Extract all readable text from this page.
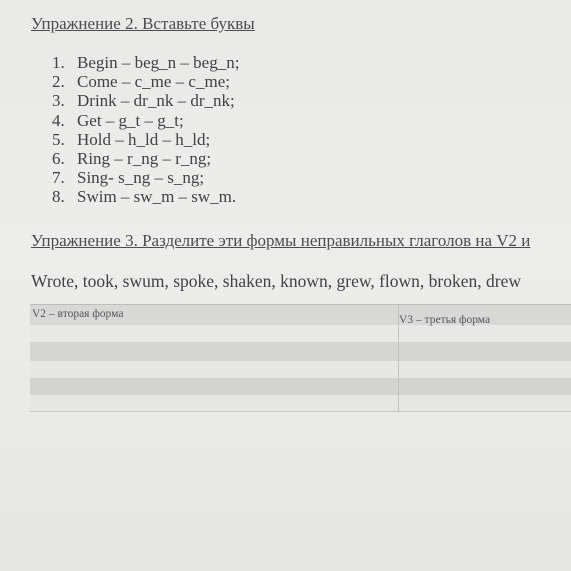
Упражнение 2. Вставьте буквы
1. Begin – beg_n – beg_n;
2. Come – c_me – c_me;
3. Drink – dr_nk – dr_nk;
4. Get – g_t – g_t;
5. Hold – h_ld – h_ld;
6. Ring – r_ng – r_ng;
7. Sing- s_ng – s_ng;
8. Swim – sw_m – sw_m.
Упражнение 3. Разделите эти формы неправильных глаголов на V2 и
Wrote, took, swum, spoke, shaken, known, grew, flown, broken, drew
V2 – вторая форма	V3 – третья форма
